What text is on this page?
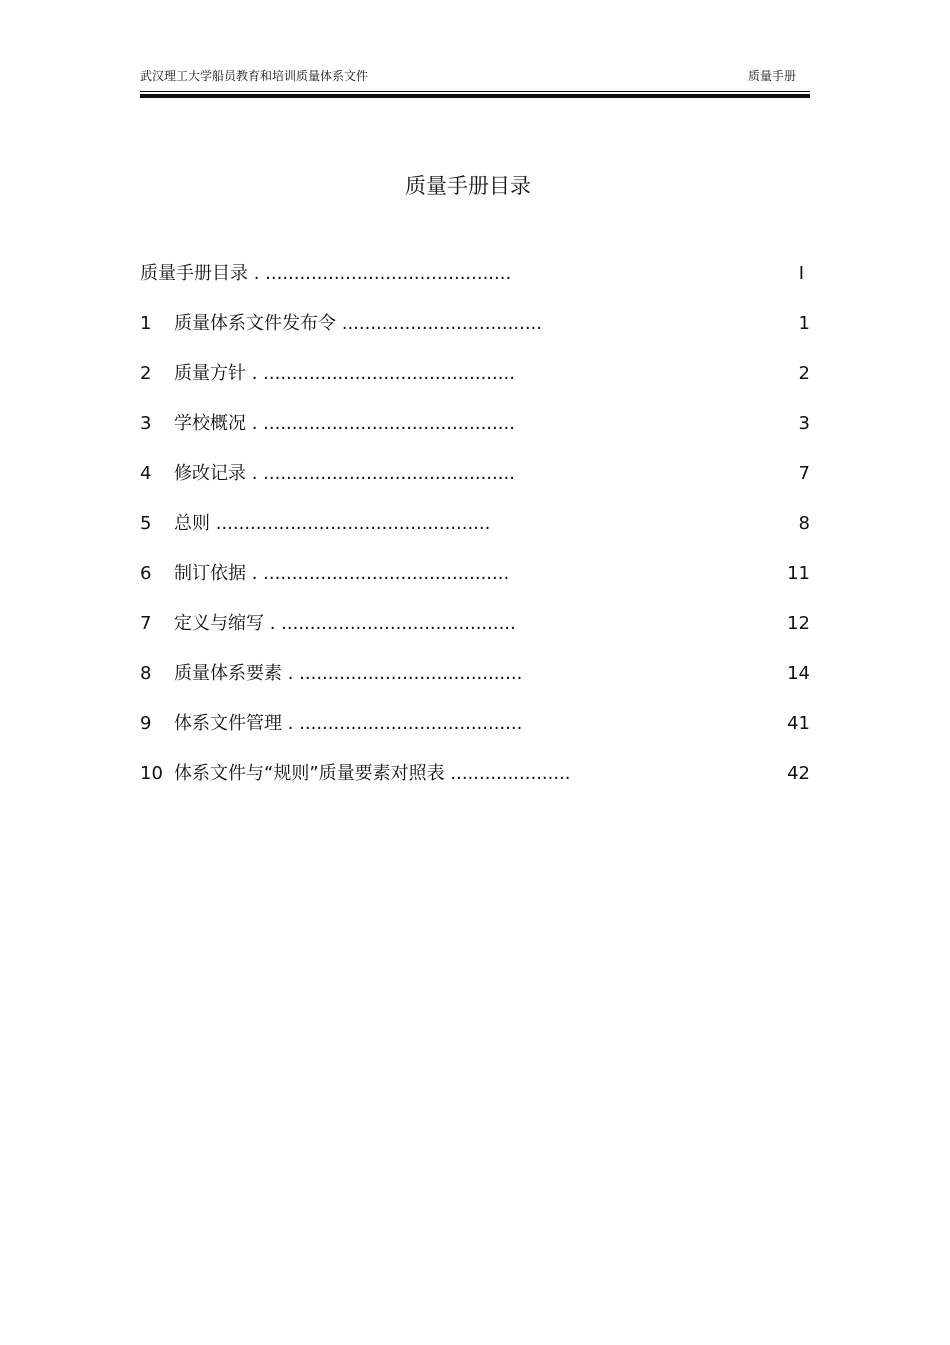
武汉理工大学船员教育和培训质量体系文件	质量手册
质量手册目录
质量手册目录 . ...........................................	I
1 质量体系文件发布令 ...................................	1
2 质量方针 . ............................................	2
3 学校概况 . ............................................	3
4 修改记录 . ............................................	7
5 总则 ................................................	8
6 制订依据 . ...........................................	11
7 定义与缩写 . .........................................	12
8 质量体系要素 . .......................................	14
9 体系文件管理 . .......................................	41
10 体系文件与“规则”质量要素对照表 .....................	42
